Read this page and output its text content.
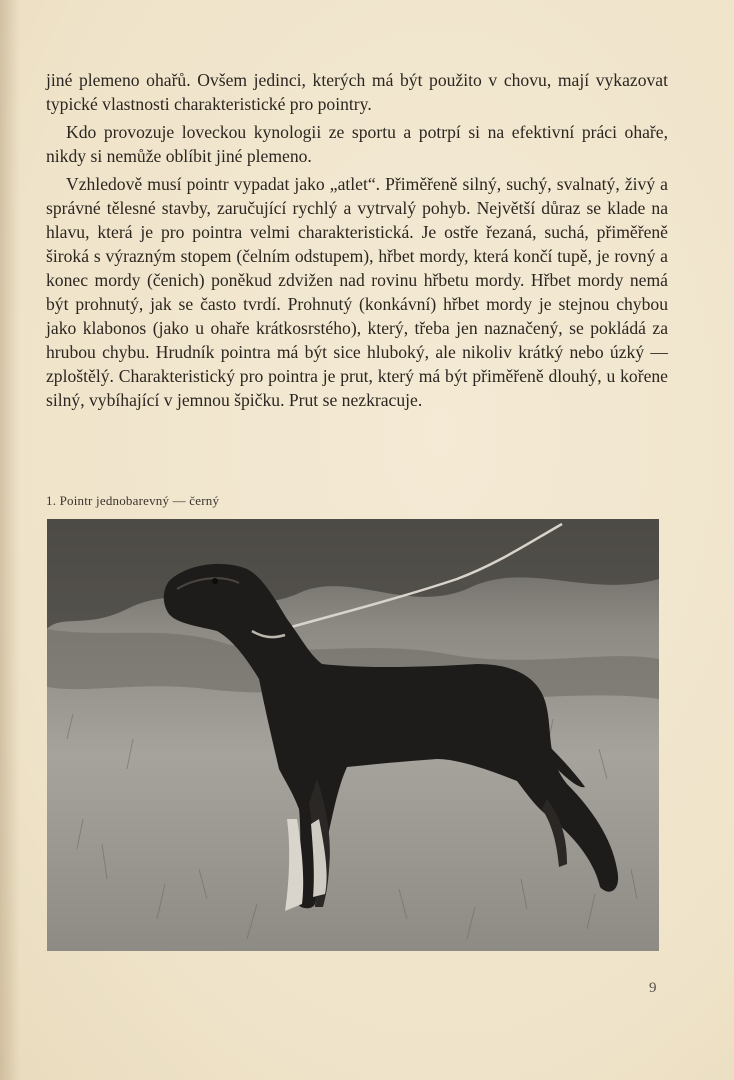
jiné plemeno ohařů. Ovšem jedinci, kterých má být použito v chovu, mají vykazovat typické vlastnosti charakteristické pro pointry.

Kdo provozuje loveckou kynologii ze sportu a potrpí si na efektivní práci ohaře, nikdy si nemůže oblíbit jiné plemeno.

Vzhledově musí pointr vypadat jako „atlet“. Přiměřeně silný, suchý, svalnatý, živý a správné tělesné stavby, zaručující rychlý a vytrvalý pohyb. Největší důraz se klade na hlavu, která je pro pointra velmi charakteristická. Je ostře řezaná, suchá, přiměřeně široká s výrazným stopem (čelním odstupem), hřbet mordy, která končí tupě, je rovný a konec mordy (čenich) poněkud zdvižen nad rovinu hřbetu mordy. Hřbet mordy nemá být prohnutý, jak se často tvrdí. Prohnutý (konkávní) hřbet mordy je stejnou chybou jako klabonos (jako u ohaře krátkosrstého), který, třeba jen naznačený, se pokládá za hrubou chybu. Hrudník pointra má být sice hluboký, ale nikoliv krátký nebo úzký — zploštělý. Charakteristický pro pointra je prut, který má být přiměřeně dlouhý, u kořene silný, vybíhající v jemnou špičku. Prut se nezkracuje.

1. Pointr jednobarevný — černý
9
